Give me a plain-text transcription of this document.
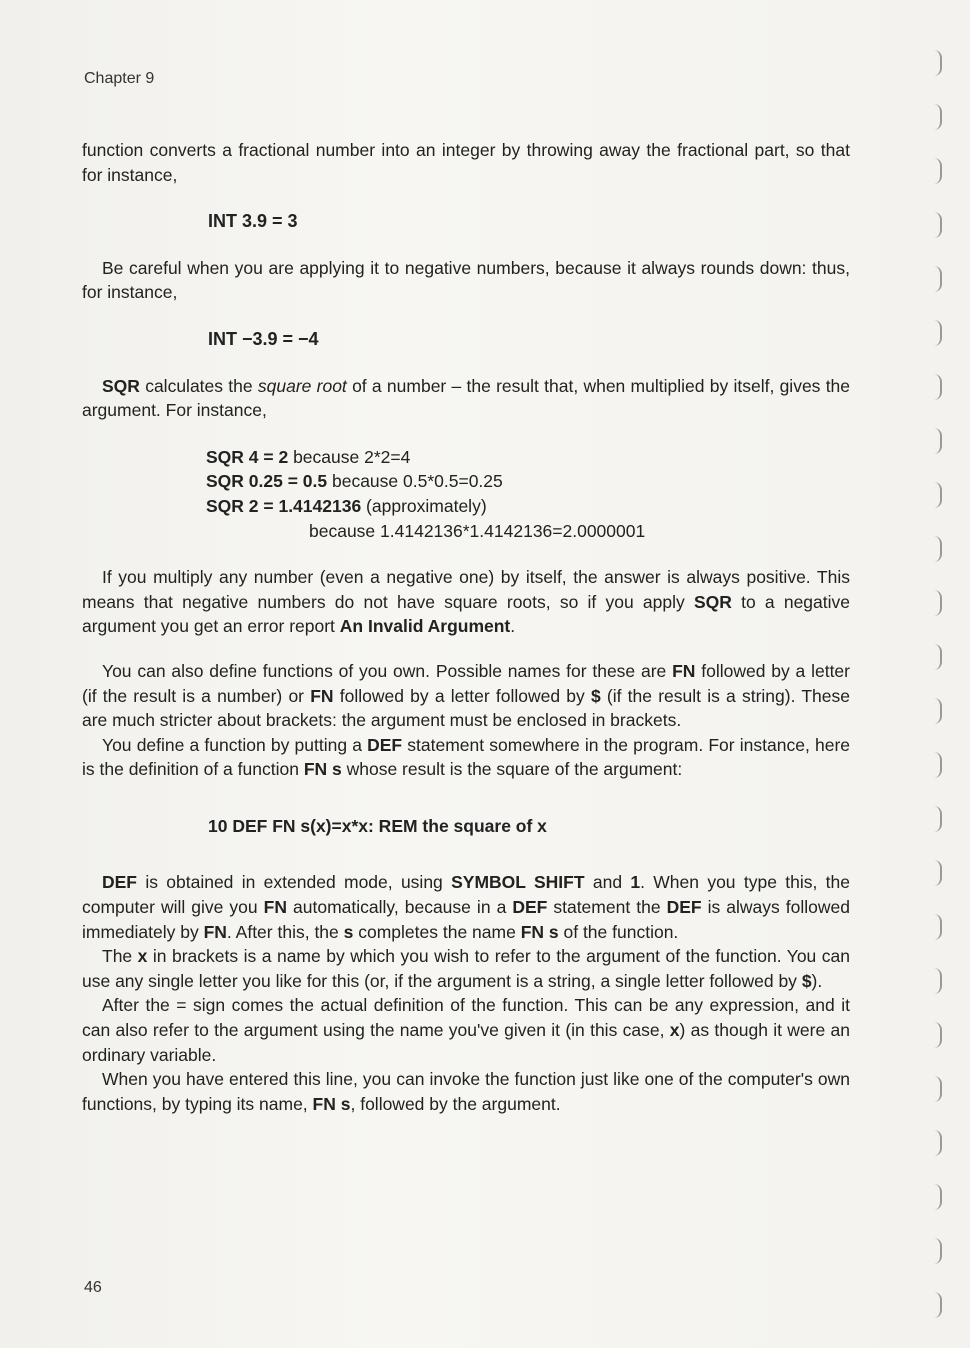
Chapter 9

function converts a fractional number into an integer by throwing away the fractional part, so that for instance,

INT 3.9 = 3

Be careful when you are applying it to negative numbers, because it always rounds down: thus, for instance,

INT −3.9 = −4

SQR calculates the square root of a number – the result that, when multiplied by itself, gives the argument. For instance,

SQR 4 = 2 because 2*2=4

SQR 0.25 = 0.5 because 0.5*0.5=0.25

SQR 2 = 1.4142136 (approximately)

because 1.4142136*1.4142136=2.0000001

If you multiply any number (even a negative one) by itself, the answer is always positive. This means that negative numbers do not have square roots, so if you apply SQR to a negative argument you get an error report An Invalid Argument.

You can also define functions of you own. Possible names for these are FN followed by a letter (if the result is a number) or FN followed by a letter followed by $ (if the result is a string). These are much stricter about brackets: the argument must be enclosed in brackets.

You define a function by putting a DEF statement somewhere in the program. For instance, here is the definition of a function FN s whose result is the square of the argument:

10 DEF FN s(x)=x*x: REM the square of x

DEF is obtained in extended mode, using SYMBOL SHIFT and 1. When you type this, the computer will give you FN automatically, because in a DEF statement the DEF is always followed immediately by FN. After this, the s completes the name FN s of the function.

The x in brackets is a name by which you wish to refer to the argument of the function. You can use any single letter you like for this (or, if the argument is a string, a single letter followed by $).

After the = sign comes the actual definition of the function. This can be any expression, and it can also refer to the argument using the name you've given it (in this case, x) as though it were an ordinary variable.

When you have entered this line, you can invoke the function just like one of the computer's own functions, by typing its name, FN s, followed by the argument.

46
